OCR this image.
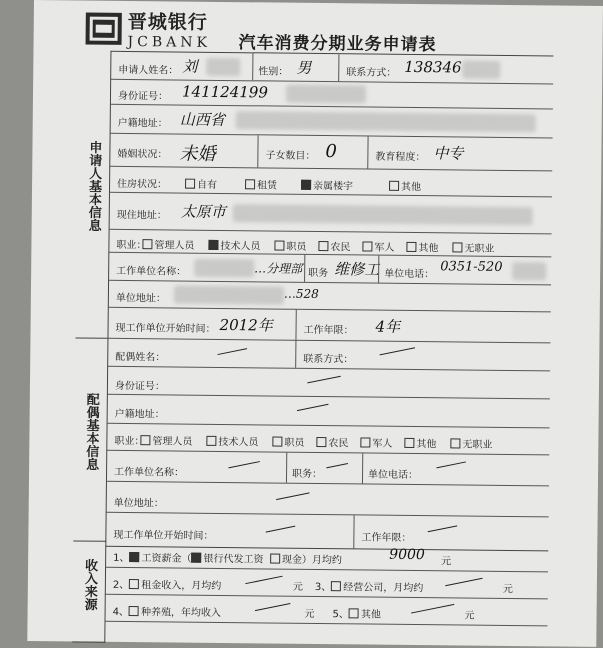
晋城银行
JCBANK 汽车消费分期业务申请表
申请人基本信息
配偶基本信息
收入来源
申请人姓名： 刘	性别： 男	联系方式： 138346
身份证号： 141124199
户籍地址： 山西省
婚姻状况： 未婚	子女数目： 0	教育程度： 中专
住房状况：	自有	租赁	亲属楼宇	其他
现住地址： 太原市
职业： 管理人员	技术人员	职员	农民	军人	其他	无职业
工作单位名称：	…分理部 职务 维修工 单位电话： 0351-520
单位地址：	…528
现工作单位开始时间： 2012年	工作年限： 4年
配偶姓名：	联系方式：
身份证号：
户籍地址：
职业： 管理人员	技术人员	职员	农民	军人	其他	无职业
工作单位名称：	职务：	单位电话：
单位地址：
现工作单位开始时间：	工作年限：
1、 工资薪金（ 银行代发工资 现金）月均约	9000 元
2、 租金收入，月均约	元 3、 经营公司，月均约	元
4、 种养殖，年均收入	元 5、 其他	元
